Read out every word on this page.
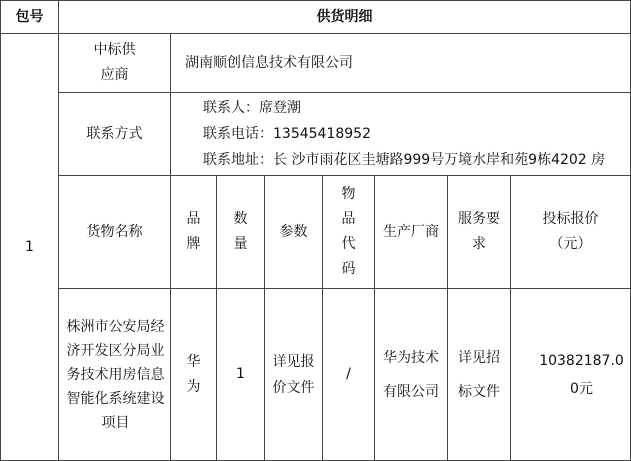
包号	供货明细
1
中标供应商
湖南顺创信息技术有限公司
联系方式
联系人：席登潮
联系电话：13545418952
联系地址：长 沙市雨花区圭塘路999号万境水岸和苑9栋4202 房
货物名称
品牌
数量
参数
物品代码
生产厂商
服务要求
投标报价（元）
株洲市公安局经济开发区分局业务技术用房信息智能化系统建设项目
华为
1
详见报价文件
/
华为技术有限公司
详见招标文件
10382187.00元
